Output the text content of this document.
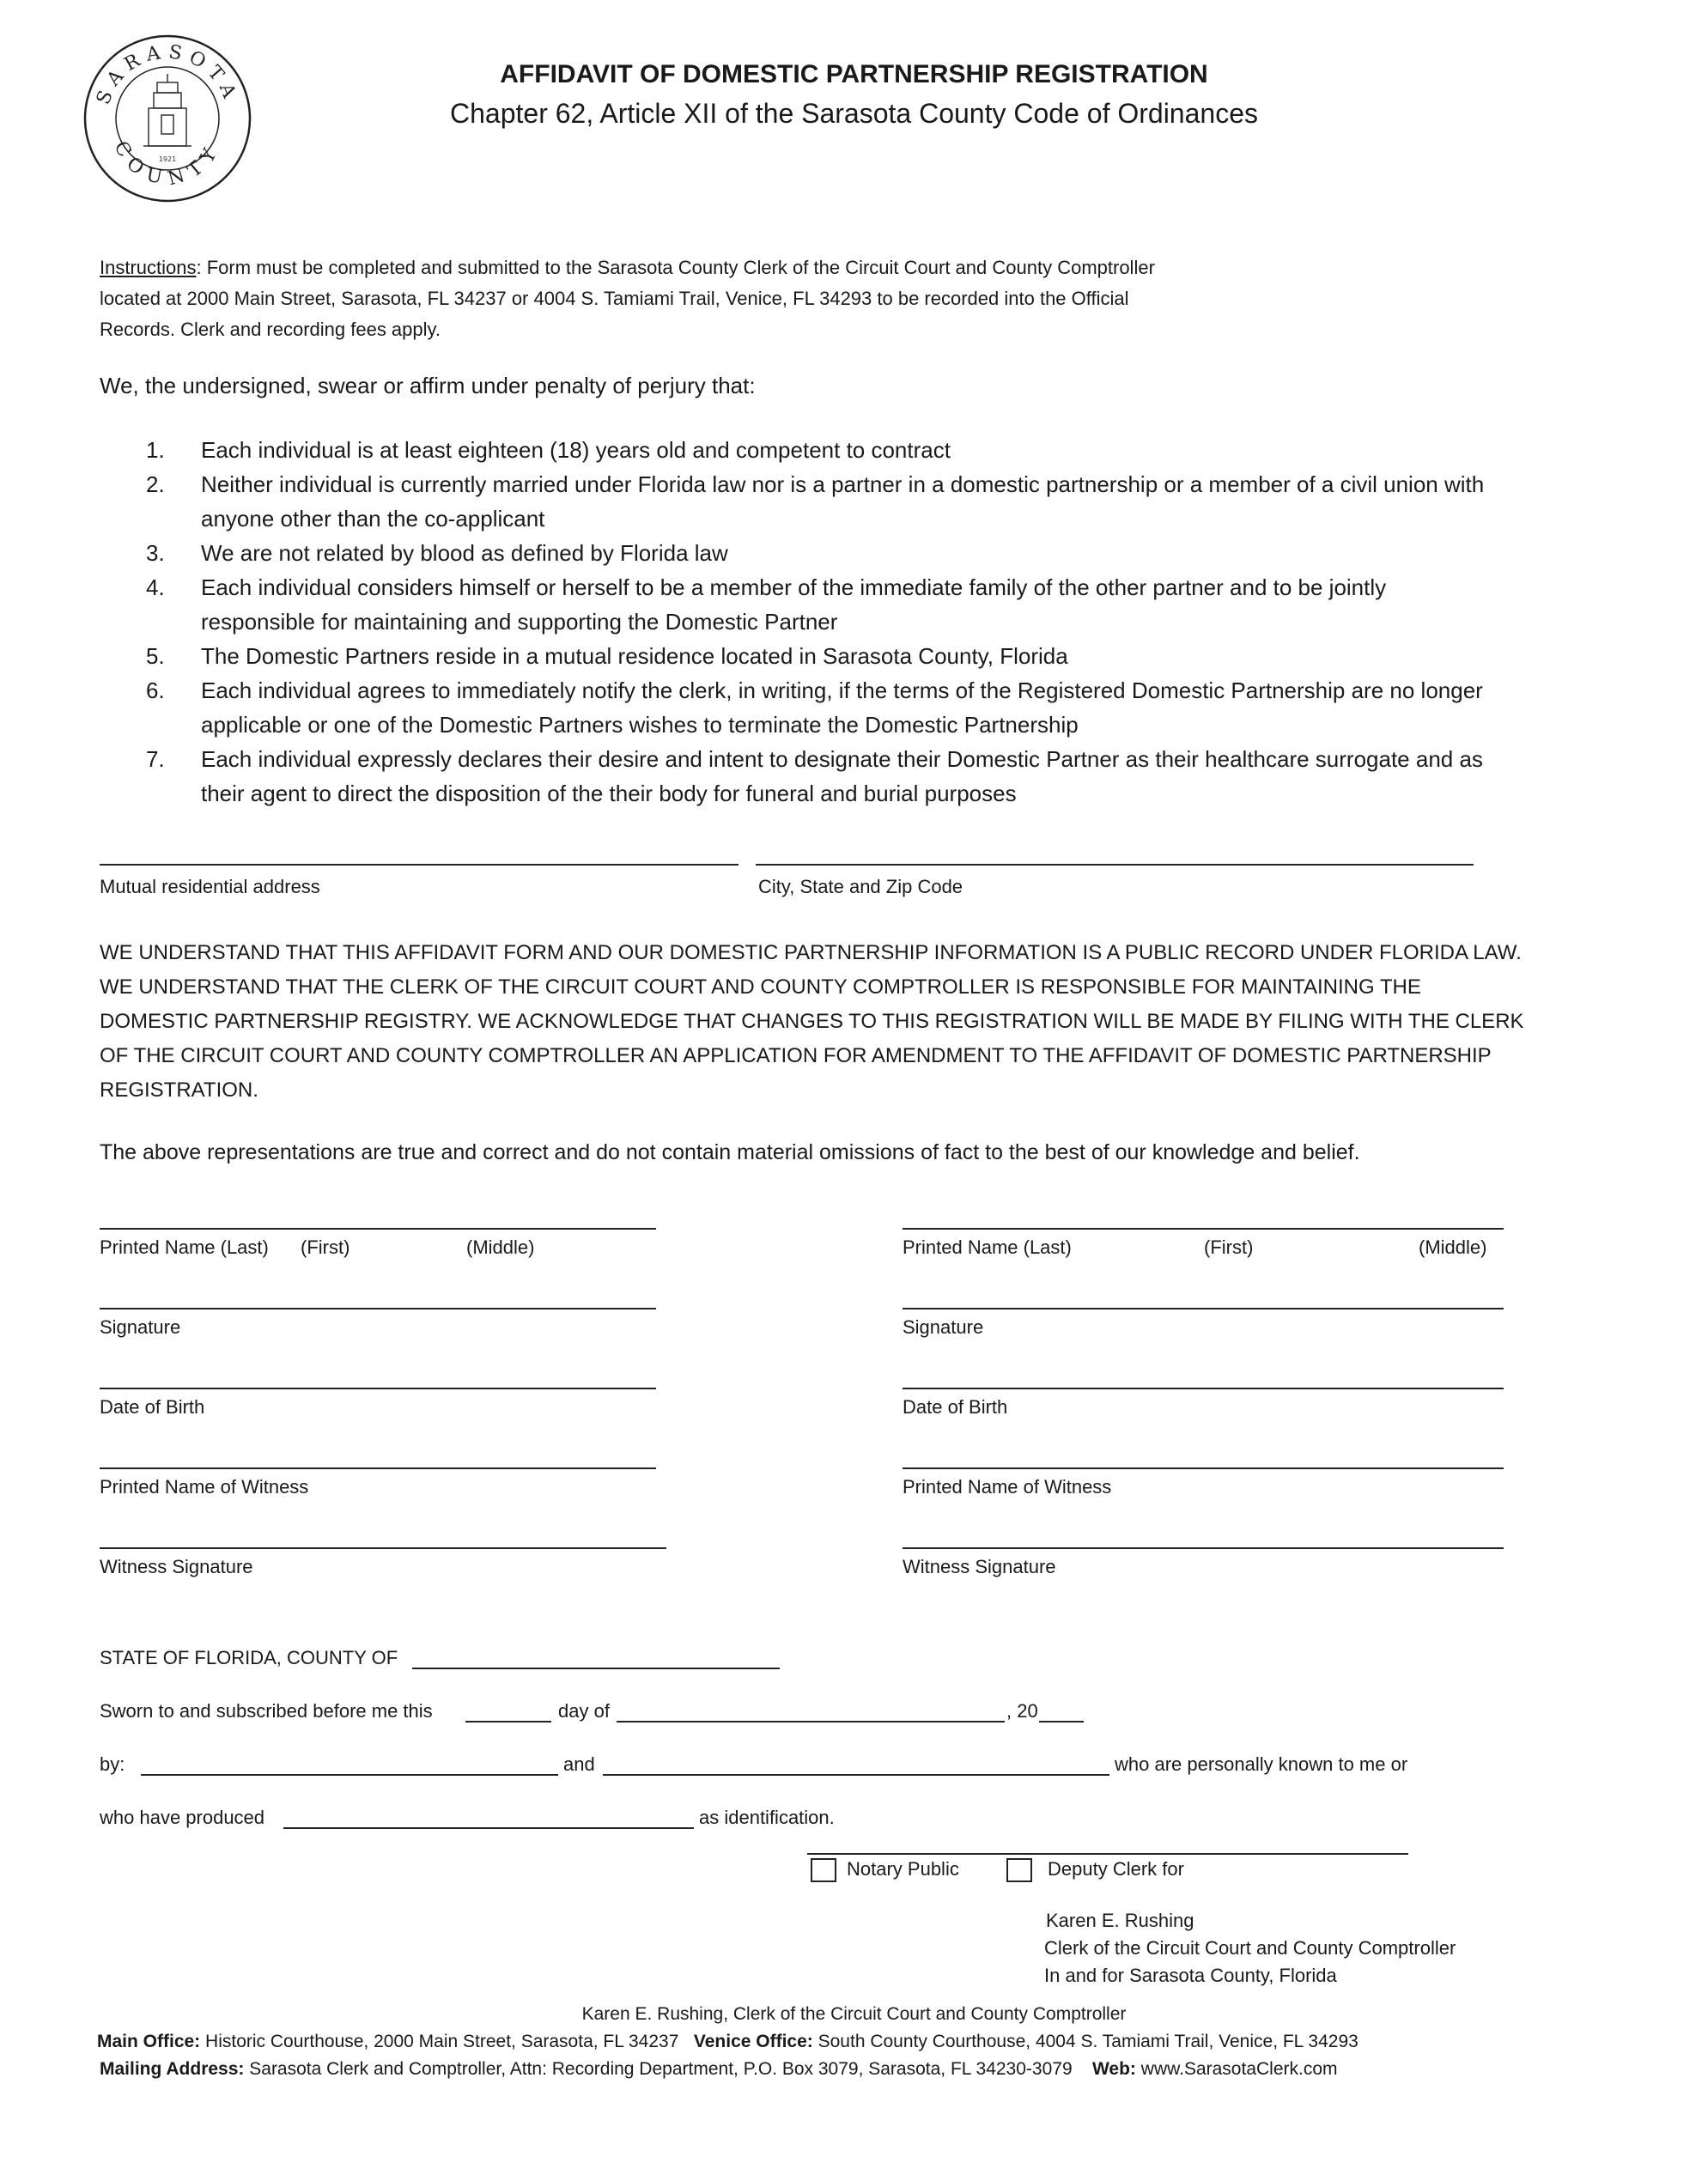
SARASOTA
COUNTY
1921
AFFIDAVIT OF DOMESTIC PARTNERSHIP REGISTRATION
Chapter 62, Article XII of the Sarasota County Code of Ordinances
Instructions: Form must be completed and submitted to the Sarasota County Clerk of the Circuit Court and County Comptroller located at 2000 Main Street, Sarasota, FL 34237 or 4004 S. Tamiami Trail, Venice, FL 34293 to be recorded into the Official Records. Clerk and recording fees apply.
We, the undersigned, swear or affirm under penalty of perjury that:
1. Each individual is at least eighteen (18) years old and competent to contract
2. Neither individual is currently married under Florida law nor is a partner in a domestic partnership or a member of a civil union with anyone other than the co-applicant
3. We are not related by blood as defined by Florida law
4. Each individual considers himself or herself to be a member of the immediate family of the other partner and to be jointly responsible for maintaining and supporting the Domestic Partner
5. The Domestic Partners reside in a mutual residence located in Sarasota County, Florida
6. Each individual agrees to immediately notify the clerk, in writing, if the terms of the Registered Domestic Partnership are no longer applicable or one of the Domestic Partners wishes to terminate the Domestic Partnership
7. Each individual expressly declares their desire and intent to designate their Domestic Partner as their healthcare surrogate and as their agent to direct the disposition of the their body for funeral and burial purposes
Mutual residential address	City, State and Zip Code
WE UNDERSTAND THAT THIS AFFIDAVIT FORM AND OUR DOMESTIC PARTNERSHIP INFORMATION IS A PUBLIC RECORD UNDER FLORIDA LAW. WE UNDERSTAND THAT THE CLERK OF THE CIRCUIT COURT AND COUNTY COMPTROLLER IS RESPONSIBLE FOR MAINTAINING THE DOMESTIC PARTNERSHIP REGISTRY. WE ACKNOWLEDGE THAT CHANGES TO THIS REGISTRATION WILL BE MADE BY FILING WITH THE CLERK OF THE CIRCUIT COURT AND COUNTY COMPTROLLER AN APPLICATION FOR AMENDMENT TO THE AFFIDAVIT OF DOMESTIC PARTNERSHIP REGISTRATION.
The above representations are true and correct and do not contain material omissions of fact to the best of our knowledge and belief.
Printed Name (Last) (First)	(Middle)
Signature
Date of Birth
Printed Name of Witness
Witness Signature
Printed Name (Last)	(First)	(Middle)
Signature
Date of Birth
Printed Name of Witness
Witness Signature
STATE OF FLORIDA, COUNTY OF
Sworn to and subscribed before me this	day of	, 20
by:	and	who are personally known to me or
who have produced	as identification.
Notary Public	Deputy Clerk for
Karen E. Rushing
Clerk of the Circuit Court and County Comptroller
In and for Sarasota County, Florida
Karen E. Rushing, Clerk of the Circuit Court and County Comptroller
Main Office: Historic Courthouse, 2000 Main Street, Sarasota, FL 34237 Venice Office: South County Courthouse, 4004 S. Tamiami Trail, Venice, FL 34293
Mailing Address: Sarasota Clerk and Comptroller, Attn: Recording Department, P.O. Box 3079, Sarasota, FL 34230-3079 Web: www.SarasotaClerk.com
